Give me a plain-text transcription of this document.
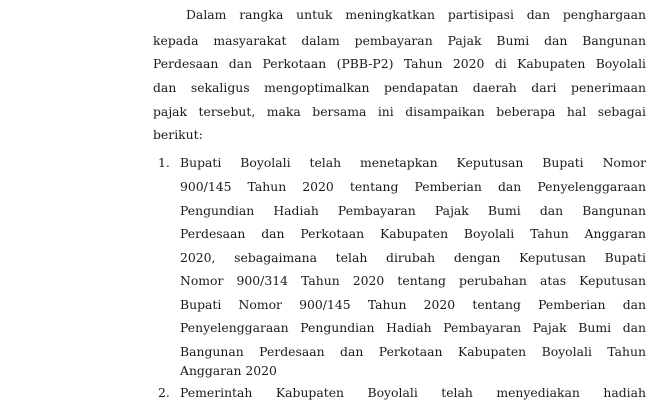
Dalam rangka untuk meningkatkan partisipasi dan penghargaan

kepada masyarakat dalam pembayaran Pajak Bumi dan Bangunan

Perdesaan dan Perkotaan (PBB-P2) Tahun 2020 di Kabupaten Boyolali

dan sekaligus mengoptimalkan pendapatan daerah dari penerimaan

pajak tersebut, maka bersama ini disampaikan beberapa hal sebagai

berikut:

1. Bupati Boyolali telah menetapkan Keputusan Bupati Nomor

900/145 Tahun 2020 tentang Pemberian dan Penyelenggaraan

Pengundian Hadiah Pembayaran Pajak Bumi dan Bangunan

Perdesaan dan Perkotaan Kabupaten Boyolali Tahun Anggaran

2020, sebagaimana telah dirubah dengan Keputusan Bupati

Nomor 900/314 Tahun 2020 tentang perubahan atas Keputusan

Bupati Nomor 900/145 Tahun 2020 tentang Pemberian dan

Penyelenggaraan Pengundian Hadiah Pembayaran Pajak Bumi dan

Bangunan Perdesaan dan Perkotaan Kabupaten Boyolali Tahun

Anggaran 2020

2. Pemerintah Kabupaten Boyolali telah menyediakan hadiah
